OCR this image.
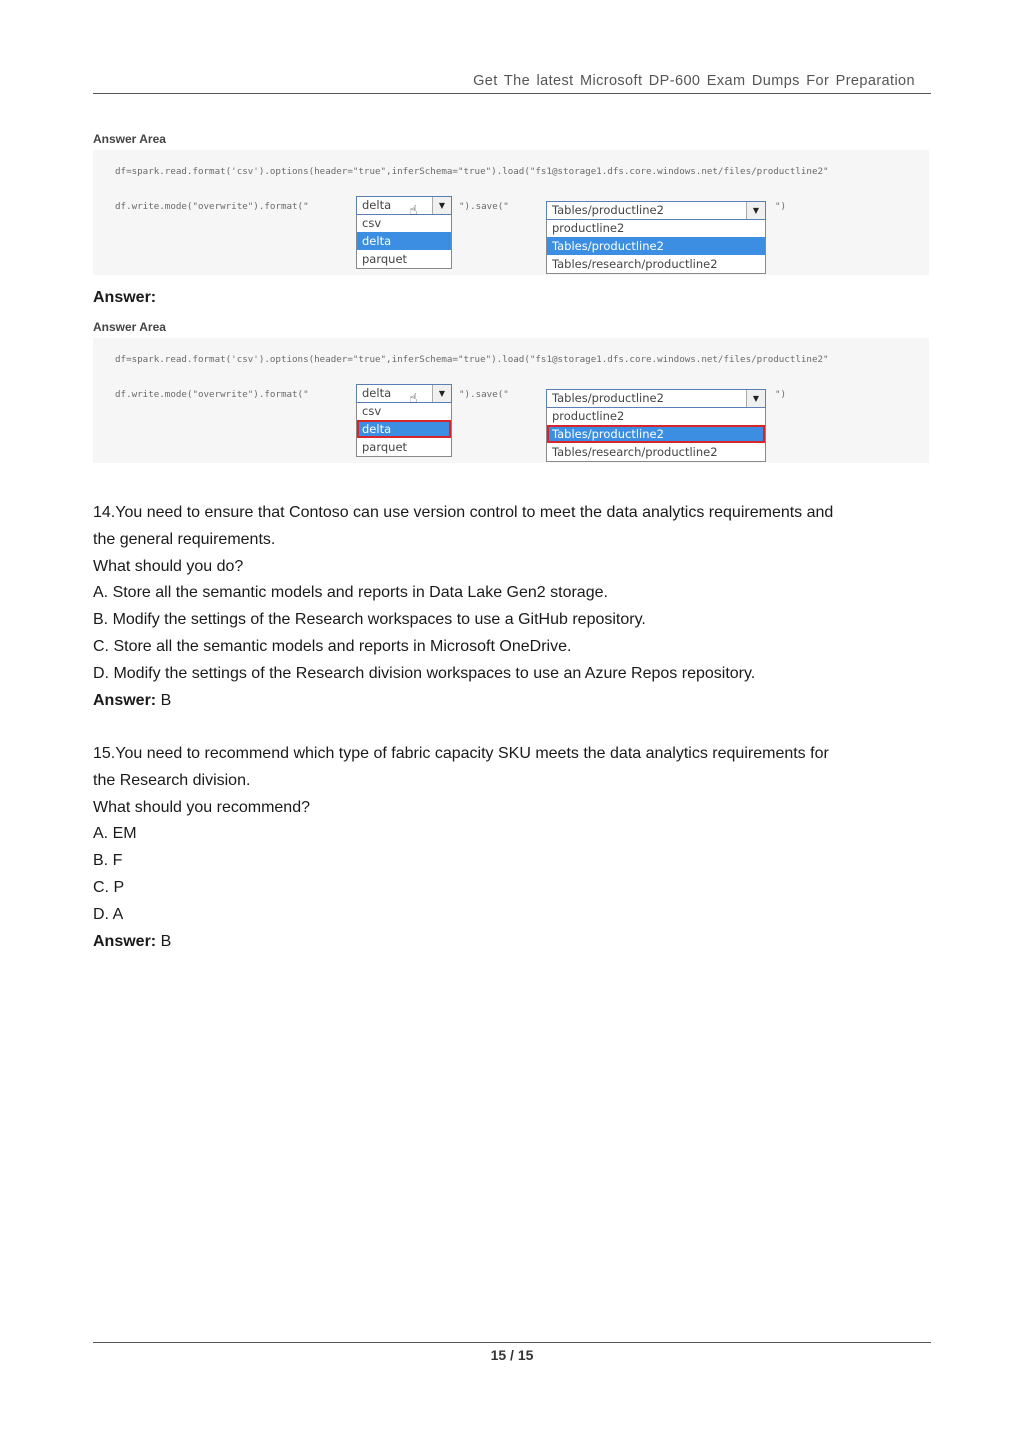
Get The latest Microsoft DP-600 Exam Dumps For Preparation
Answer Area
df=spark.read.format('csv').options(header="true",inferSchema="true").load("fs1@storage1.dfs.core.windows.net/files/productline2"
df.write.mode("overwrite").format("	delta	▼
csv
delta
parquet
☝	").save("	Tables/productline2	▼
productline2
Tables/productline2
Tables/research/productline2
")
Answer:
Answer Area
df=spark.read.format('csv').options(header="true",inferSchema="true").load("fs1@storage1.dfs.core.windows.net/files/productline2"
df.write.mode("overwrite").format("	delta	▼
csv
delta
parquet
☝	").save("	Tables/productline2	▼
productline2
Tables/productline2
Tables/research/productline2
")

14.You need to ensure that Contoso can use version control to meet the data analytics requirements and

the general requirements.

What should you do?

A. Store all the semantic models and reports in Data Lake Gen2 storage.

B. Modify the settings of the Research workspaces to use a GitHub repository.

C. Store all the semantic models and reports in Microsoft OneDrive.

D. Modify the settings of the Research division workspaces to use an Azure Repos repository.

Answer: B

15.You need to recommend which type of fabric capacity SKU meets the data analytics requirements for

the Research division.

What should you recommend?

A. EM

B. F

C. P

D. A

Answer: B

15 / 15
